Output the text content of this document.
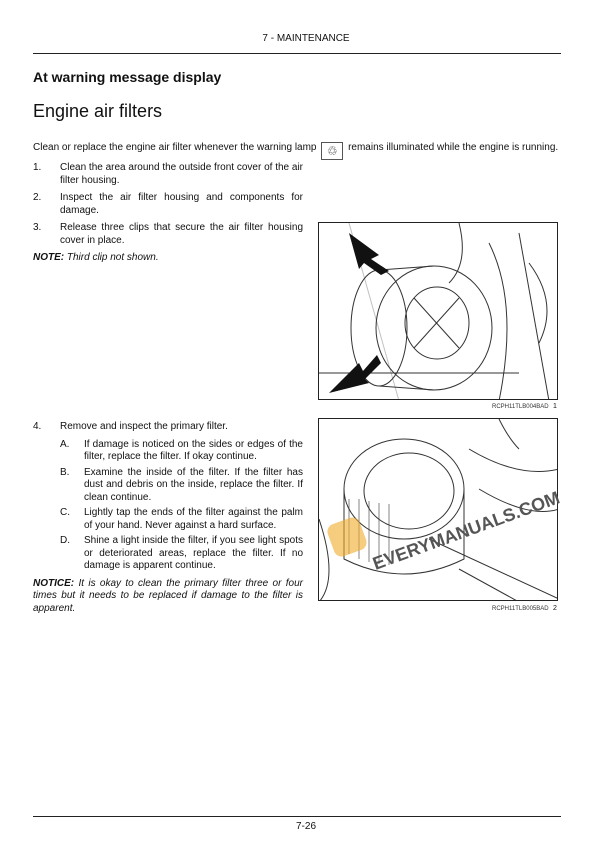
7 - MAINTENANCE
At warning message display
Engine air filters
Clean or replace the engine air filter whenever the warning lamp ♲ remains illuminated while the engine is running.
1. Clean the area around the outside front cover of the air filter housing.
2. Inspect the air filter housing and components for damage.
3. Release three clips that secure the air filter housing cover in place.
NOTE: Third clip not shown.
4. Remove and inspect the primary filter.
A. If damage is noticed on the sides or edges of the filter, replace the filter. If okay continue.
B. Examine the inside of the filter. If the filter has dust and debris on the inside, replace the filter. If clean continue.
C. Lightly tap the ends of the filter against the palm of your hand. Never against a hard surface.
D. Shine a light inside the filter, if you see light spots or deteriorated areas, replace the filter. If no damage is apparent continue.
NOTICE: It is okay to clean the primary filter three or four times but it needs to be replaced if damage to the filter is apparent.
RCPH11TLB004BAD 1
RCPH11TLB005BAD 2
EVERYMANUALS.COM
7-26
